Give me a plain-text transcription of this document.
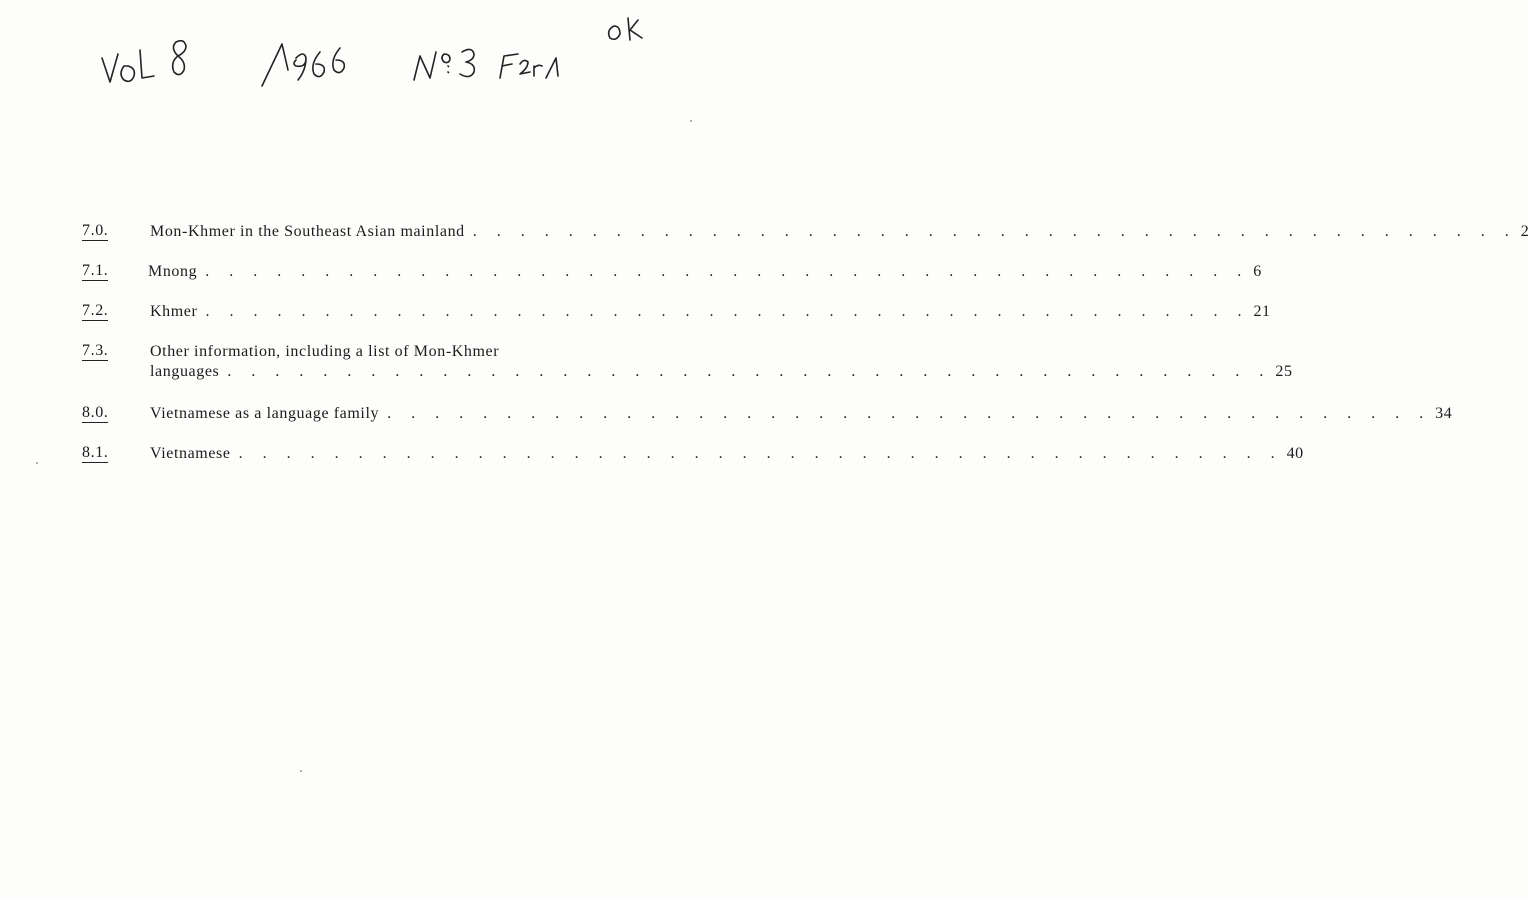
7.0.	Mon-Khmer in the Southeast Asian mainland . . . . . . . . . . . . . . . . . . . . . . . . . . . . . . . . . . . . . . . . . . . . 2
7.1.	Mnong . . . . . . . . . . . . . . . . . . . . . . . . . . . . . . . . . . . . . . . . . . . . 6
7.2.	Khmer . . . . . . . . . . . . . . . . . . . . . . . . . . . . . . . . . . . . . . . . . . . . 21
7.3.	Other information, including a list of Mon-Khmer
languages . . . . . . . . . . . . . . . . . . . . . . . . . . . . . . . . . . . . . . . . . . . . 25
8.0.	Vietnamese as a language family . . . . . . . . . . . . . . . . . . . . . . . . . . . . . . . . . . . . . . . . . . . . 34
8.1.	Vietnamese . . . . . . . . . . . . . . . . . . . . . . . . . . . . . . . . . . . . . . . . . . . . 40
